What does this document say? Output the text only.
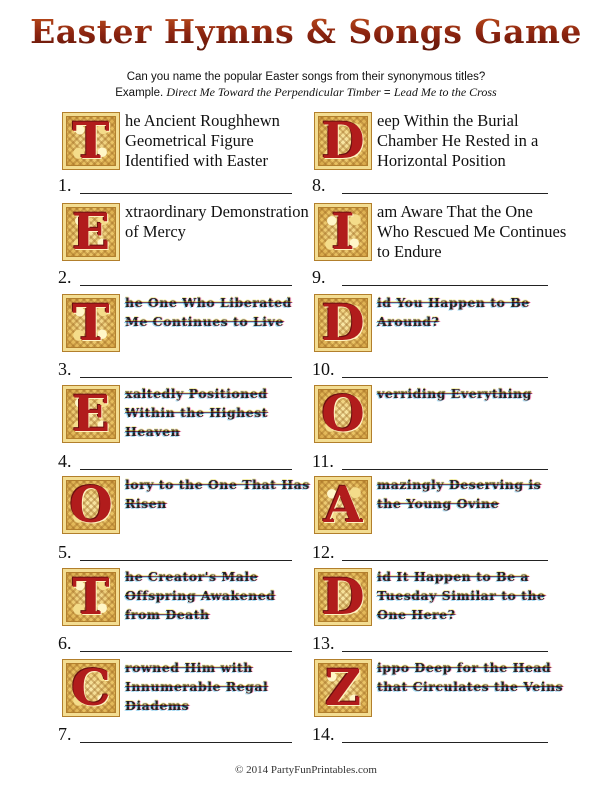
Easter Hymns & Songs Game
Can you name the popular Easter songs from their synonymous titles?
Example. Direct Me Toward the Perpendicular Timber = Lead Me to the Cross
T he Ancient Roughhewn Geometrical Figure Identified with Easter
1.
E xtraordinary Demonstration of Mercy
2.
T he One Who Liberated Me Continues to Live
3.
E xaltedly Positioned Within the Highest Heaven
4.
O lory to the One That Has Risen
5.
T he Creator's Male Offspring Awakened from Death
6.
C rowned Him with Innumerable Regal Diadems
7.
D eep Within the Burial Chamber He Rested in a Horizontal Position
8.
I am Aware That the One Who Rescued Me Continues to Endure
9.
D id You Happen to Be Around?
10.
O verriding Everything
11.
A mazingly Deserving is the Young Ovine
12.
D id It Happen to Be a Tuesday Similar to the One Here?
13.
Z ippo Deep for the Head that Circulates the Veins
14.
© 2014 PartyFunPrintables.com
